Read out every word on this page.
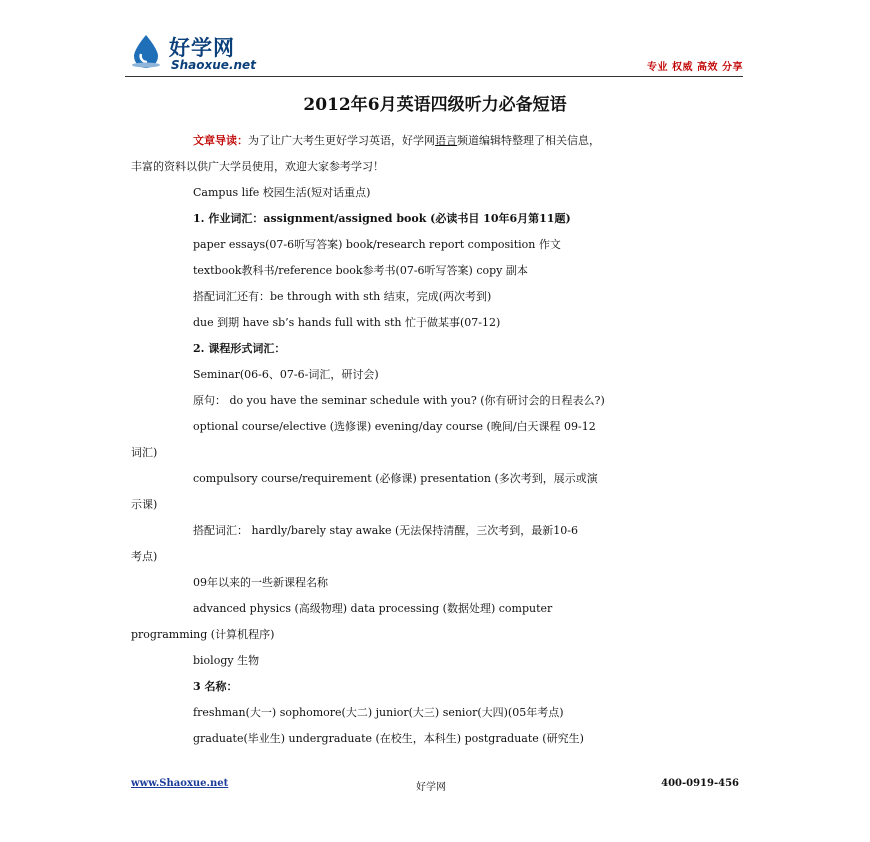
好学网
Shaoxue.net	专业 权威 高效 分享
2012年6月英语四级听力必备短语

文章导读：为了让广大考生更好学习英语，好学网语言频道编辑特整理了相关信息，

丰富的资料以供广大学员使用，欢迎大家参考学习！

Campus life 校园生活(短对话重点)

1. 作业词汇：assignment/assigned book (必读书目 10年6月第11题)

paper essays(07-6听写答案) book/research report composition 作文

textbook教科书/reference book参考书(07-6听写答案) copy 副本

搭配词汇还有：be through with sth 结束，完成(两次考到)

due 到期 have sb’s hands full with sth 忙于做某事(07-12)

2. 课程形式词汇：

Seminar(06-6、07-6-词汇，研讨会)

原句： do you have the seminar schedule with you? (你有研讨会的日程表么?)

optional course/elective (选修课) evening/day course (晚间/白天课程 09-12

词汇)

compulsory course/requirement (必修课) presentation (多次考到，展示或演

示课)

搭配词汇： hardly/barely stay awake (无法保持清醒，三次考到，最新10-6

考点)

09年以来的一些新课程名称

advanced physics (高级物理) data processing (数据处理) computer

programming (计算机程序)

biology 生物

3 名称：

freshman(大一) sophomore(大二) junior(大三) senior(大四)(05年考点)

graduate(毕业生) undergraduate (在校生，本科生) postgraduate (研究生)

www.Shaoxue.net	好学网	400-0919-456
